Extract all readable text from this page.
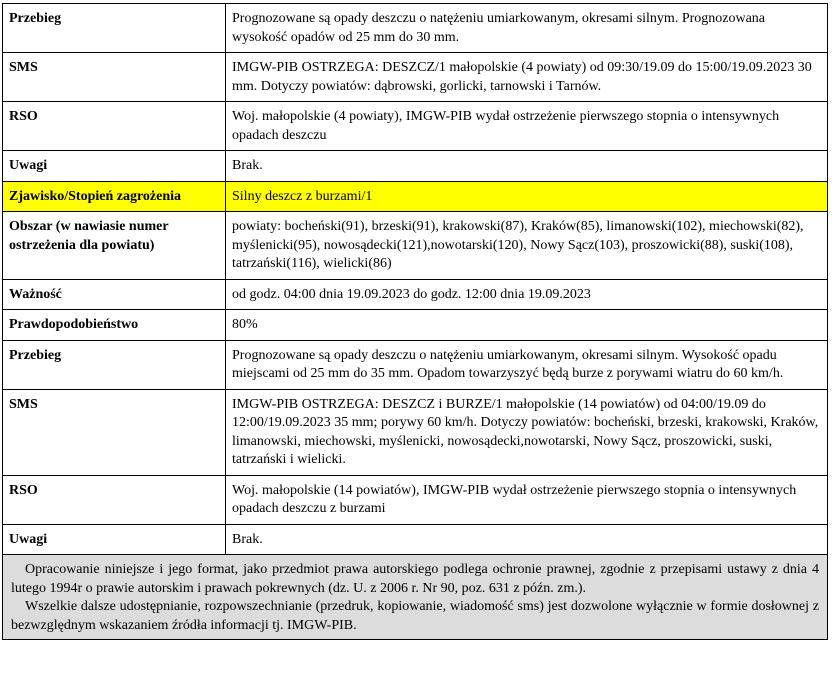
Przebieg	Prognozowane są opady deszczu o natężeniu umiarkowanym, okresami silnym. Prognozowana wysokość opadów od 25 mm do 30 mm.
SMS	IMGW-PIB OSTRZEGA: DESZCZ/1 małopolskie (4 powiaty) od 09:30/19.09 do 15:00/19.09.2023 30 mm. Dotyczy powiatów: dąbrowski, gorlicki, tarnowski i Tarnów.
RSO	Woj. małopolskie (4 powiaty), IMGW-PIB wydał ostrzeżenie pierwszego stopnia o intensywnych opadach deszczu
Uwagi	Brak.
Zjawisko/Stopień zagrożenia	Silny deszcz z burzami/1
Obszar (w nawiasie numer ostrzeżenia dla powiatu)	powiaty: bocheński(91), brzeski(91), krakowski(87), Kraków(85), limanowski(102), miechowski(82), myślenicki(95), nowosądecki(121),nowotarski(120), Nowy Sącz(103), proszowicki(88), suski(108), tatrzański(116), wielicki(86)
Ważność	od godz. 04:00 dnia 19.09.2023 do godz. 12:00 dnia 19.09.2023
Prawdopodobieństwo	80%
Przebieg	Prognozowane są opady deszczu o natężeniu umiarkowanym, okresami silnym. Wysokość opadu miejscami od 25 mm do 35 mm. Opadom towarzyszyć będą burze z porywami wiatru do 60 km/h.
SMS	IMGW-PIB OSTRZEGA: DESZCZ i BURZE/1 małopolskie (14 powiatów) od 04:00/19.09 do 12:00/19.09.2023 35 mm; porywy 60 km/h. Dotyczy powiatów: bocheński, brzeski, krakowski, Kraków, limanowski, miechowski, myślenicki, nowosądecki,nowotarski, Nowy Sącz, proszowicki, suski, tatrzański i wielicki.
RSO	Woj. małopolskie (14 powiatów), IMGW-PIB wydał ostrzeżenie pierwszego stopnia o intensywnych opadach deszczu z burzami
Uwagi	Brak.

Opracowanie niniejsze i jego format, jako przedmiot prawa autorskiego podlega ochronie prawnej, zgodnie z przepisami ustawy z dnia 4 lutego 1994r o prawie autorskim i prawach pokrewnych (dz. U. z 2006 r. Nr 90, poz. 631 z późn. zm.).

Wszelkie dalsze udostępnianie, rozpowszechnianie (przedruk, kopiowanie, wiadomość sms) jest dozwolone wyłącznie w formie dosłownej z bezwzględnym wskazaniem źródła informacji tj. IMGW-PIB.	
